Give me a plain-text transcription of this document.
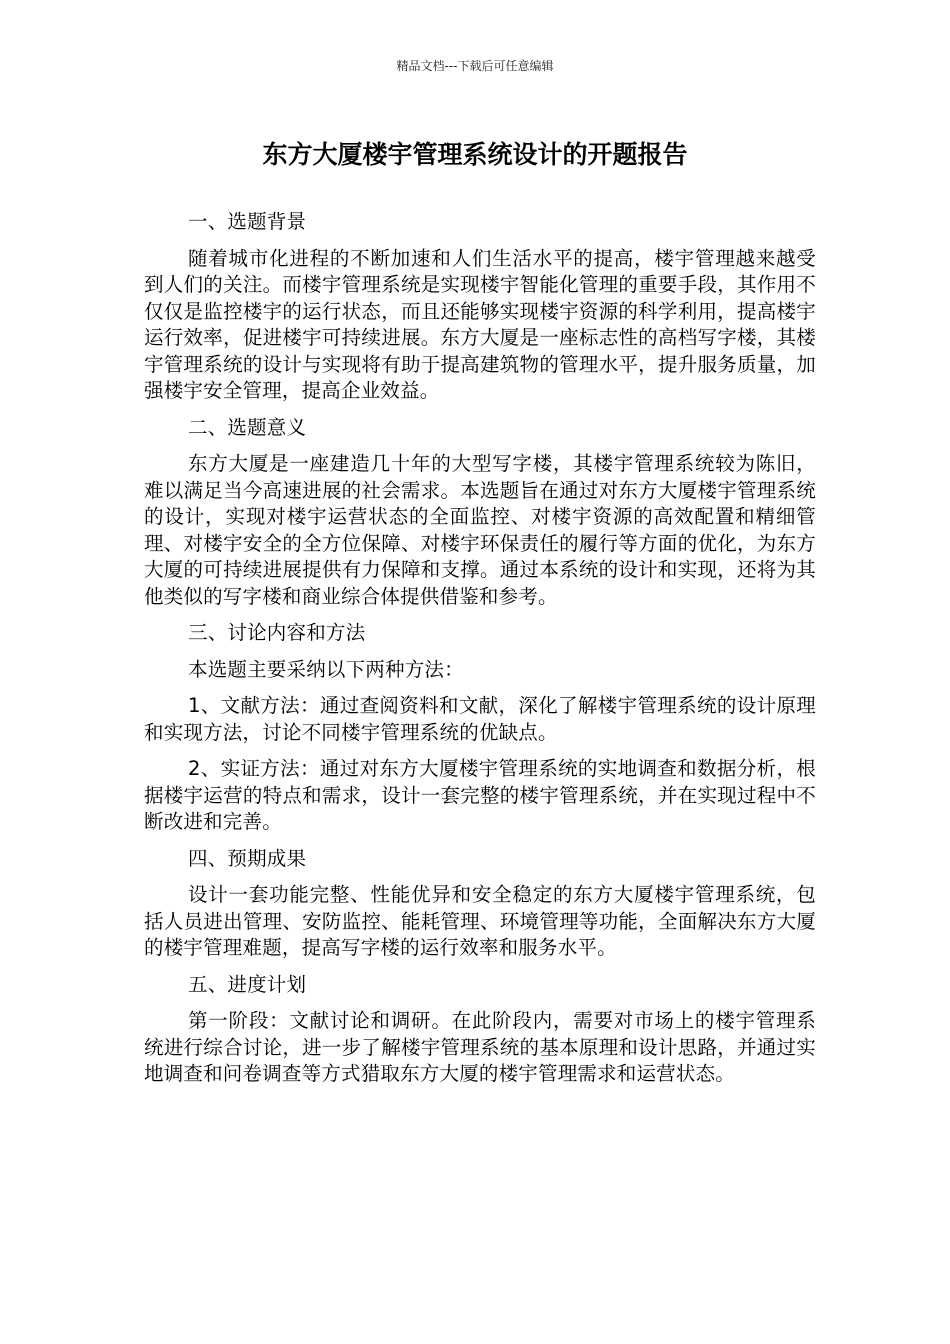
精品文档---下载后可任意编辑
东方大厦楼宇管理系统设计的开题报告

一、选题背景

随着城市化进程的不断加速和人们生活水平的提高，楼宇管理越来越受到人们的关注。而楼宇管理系统是实现楼宇智能化管理的重要手段，其作用不仅仅是监控楼宇的运行状态，而且还能够实现楼宇资源的科学利用，提高楼宇运行效率，促进楼宇可持续进展。东方大厦是一座标志性的高档写字楼，其楼宇管理系统的设计与实现将有助于提高建筑物的管理水平，提升服务质量，加强楼宇安全管理，提高企业效益。

二、选题意义

东方大厦是一座建造几十年的大型写字楼，其楼宇管理系统较为陈旧，难以满足当今高速进展的社会需求。本选题旨在通过对东方大厦楼宇管理系统的设计，实现对楼宇运营状态的全面监控、对楼宇资源的高效配置和精细管理、对楼宇安全的全方位保障、对楼宇环保责任的履行等方面的优化，为东方大厦的可持续进展提供有力保障和支撑。通过本系统的设计和实现，还将为其他类似的写字楼和商业综合体提供借鉴和参考。

三、讨论内容和方法

本选题主要采纳以下两种方法：

1、文献方法：通过查阅资料和文献，深化了解楼宇管理系统的设计原理和实现方法，讨论不同楼宇管理系统的优缺点。

2、实证方法：通过对东方大厦楼宇管理系统的实地调查和数据分析，根据楼宇运营的特点和需求，设计一套完整的楼宇管理系统，并在实现过程中不断改进和完善。

四、预期成果

设计一套功能完整、性能优异和安全稳定的东方大厦楼宇管理系统，包括人员进出管理、安防监控、能耗管理、环境管理等功能，全面解决东方大厦的楼宇管理难题，提高写字楼的运行效率和服务水平。

五、进度计划

第一阶段：文献讨论和调研。在此阶段内，需要对市场上的楼宇管理系统进行综合讨论，进一步了解楼宇管理系统的基本原理和设计思路，并通过实地调查和问卷调查等方式猎取东方大厦的楼宇管理需求和运营状态。
